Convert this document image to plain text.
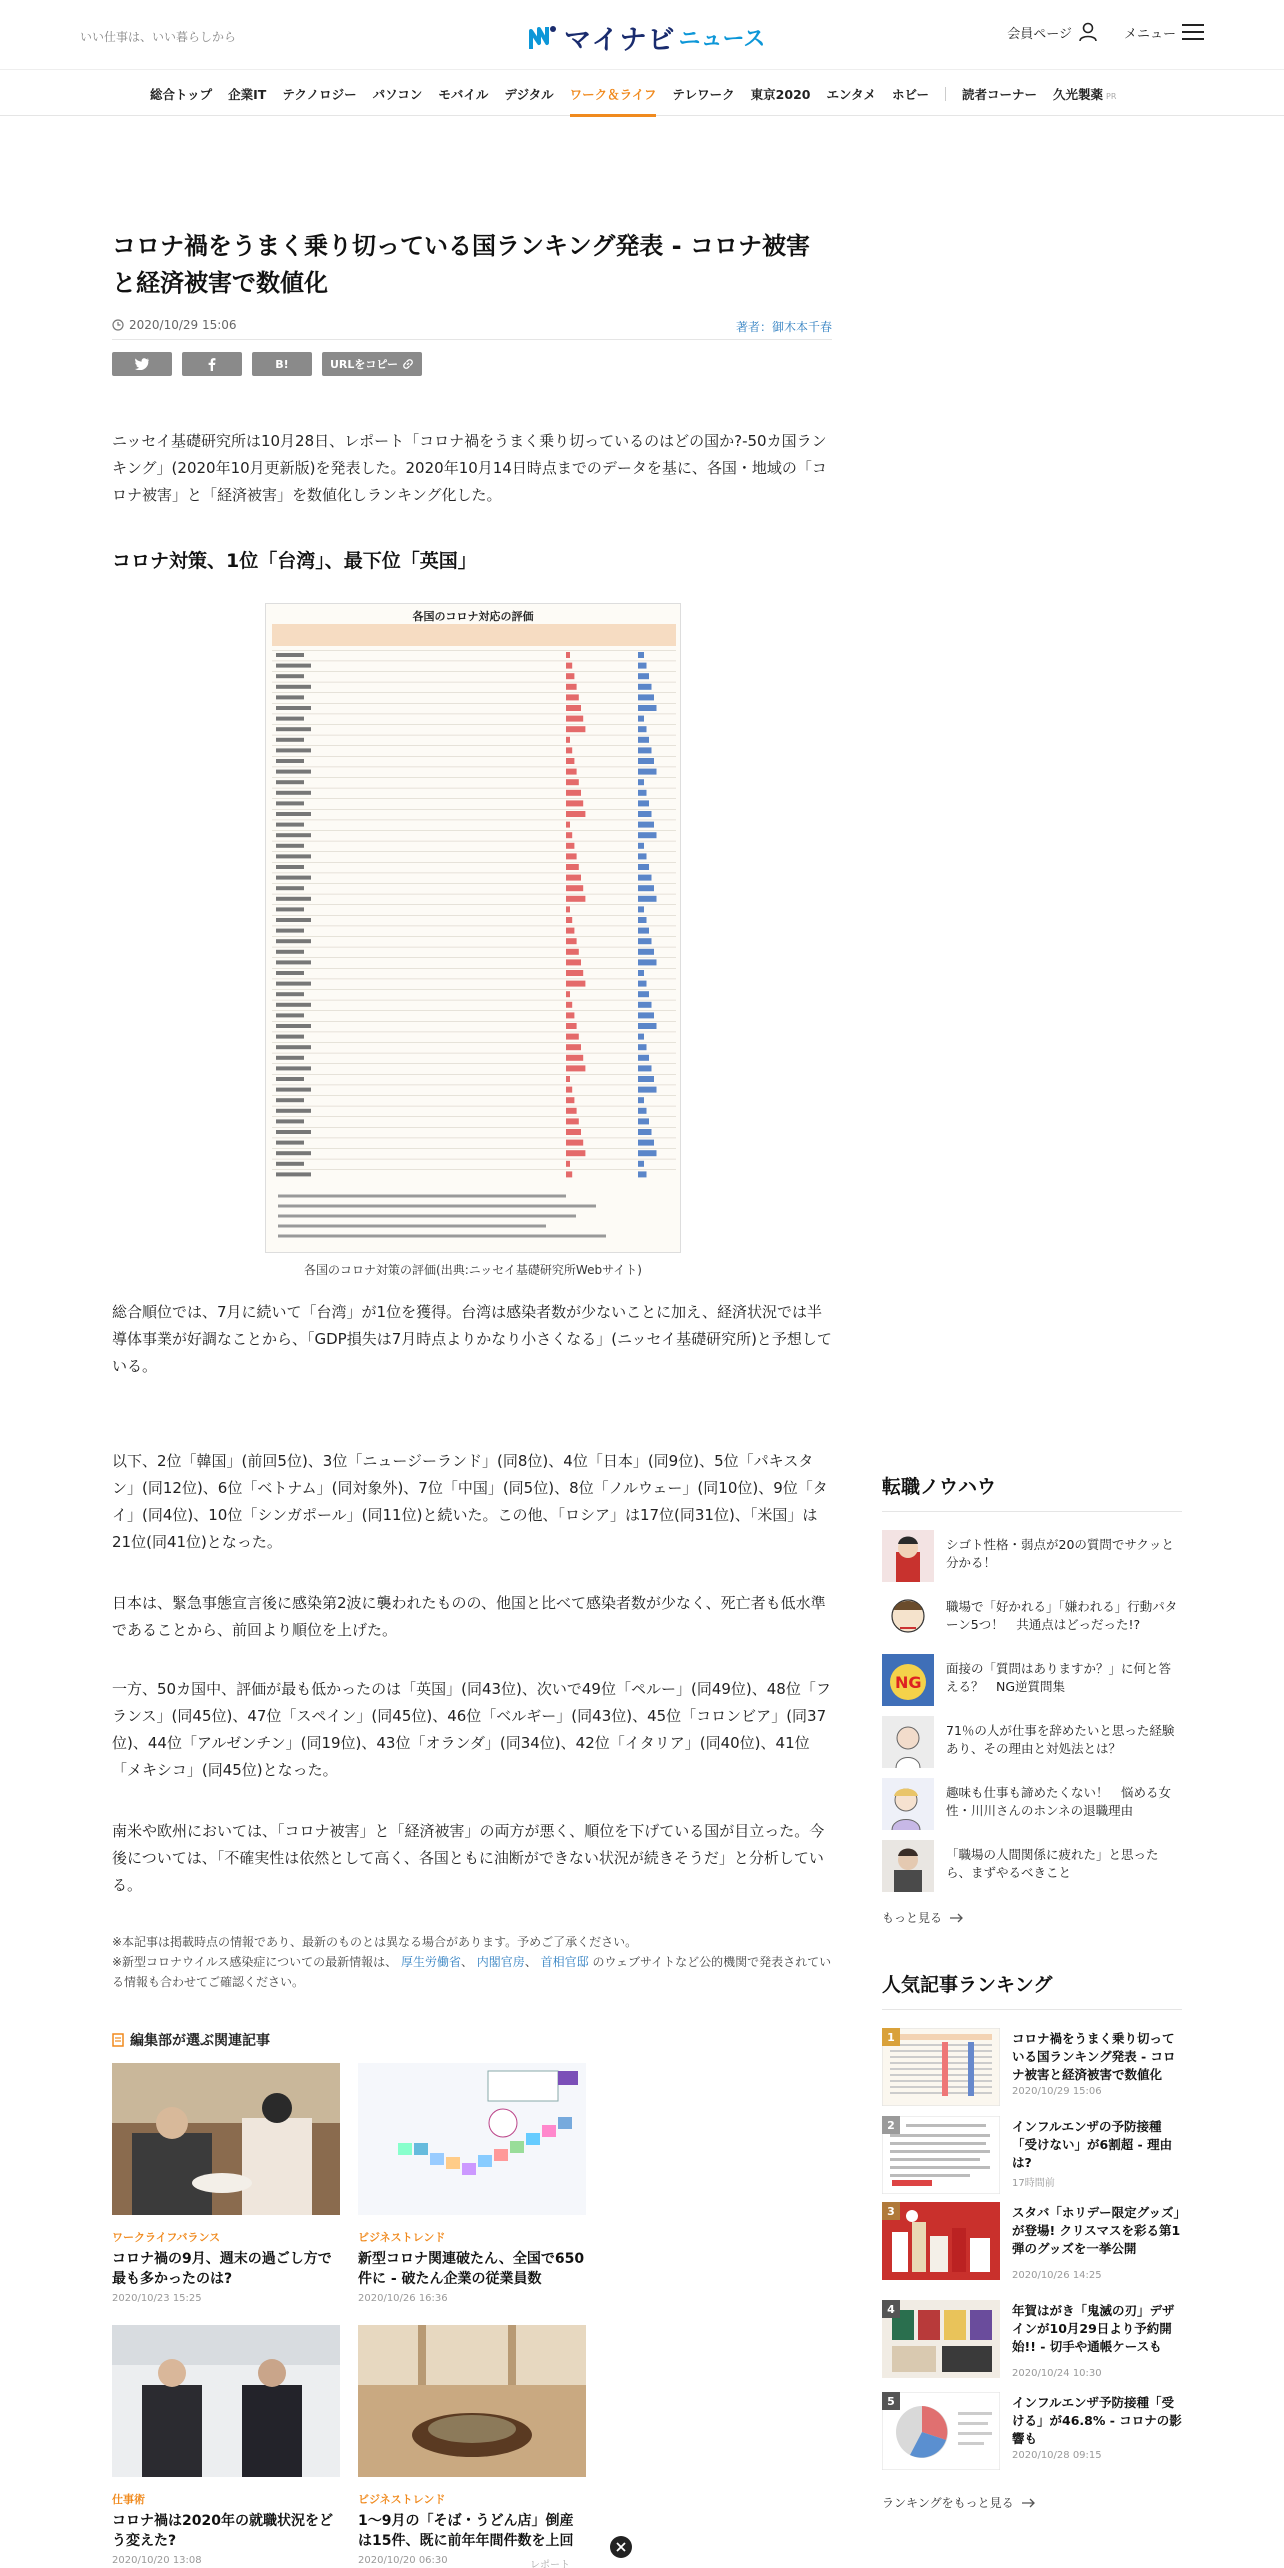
いい仕事は、いい暮らしから	マイナビ ニュース	会員ページ	メニュー
総合トップ 企業IT テクノロジー パソコン モバイル デジタル ワーク＆ライフ テレワーク 東京2020 エンタメ ホビー	読者コーナー 久光製薬 PR
コロナ禍をうまく乗り切っている国ランキング発表 - コロナ被害と経済被害で数値化
2020/10/29 15:06	著者：御木本千春
B!	URLをコピー
ニッセイ基礎研究所は10月28日、レポート「コロナ禍をうまく乗り切っているのはどの国か?-50カ国ランキング」(2020年10月更新版)を発表した。2020年10月14日時点までのデータを基に、各国・地域の「コロナ被害」と「経済被害」を数値化しランキング化した。
コロナ対策、1位「台湾」、最下位「英国」
各国のコロナ対応の評価
各国のコロナ対策の評価(出典:ニッセイ基礎研究所Webサイト)
総合順位では、7月に続いて「台湾」が1位を獲得。台湾は感染者数が少ないことに加え、経済状況では半導体事業が好調なことから、「GDP損失は7月時点よりかなり小さくなる」(ニッセイ基礎研究所)と予想している。
以下、2位「韓国」(前回5位)、3位「ニュージーランド」(同8位)、4位「日本」(同9位)、5位「パキスタン」(同12位)、6位「ベトナム」(同対象外)、7位「中国」(同5位)、8位「ノルウェー」(同10位)、9位「タイ」(同4位)、10位「シンガポール」(同11位)と続いた。この他、「ロシア」は17位(同31位)、「米国」は21位(同41位)となった。
日本は、緊急事態宣言後に感染第2波に襲われたものの、他国と比べて感染者数が少なく、死亡者も低水準であることから、前回より順位を上げた。
一方、50カ国中、評価が最も低かったのは「英国」(同43位)、次いで49位「ペルー」(同49位)、48位「フランス」(同45位)、47位「スペイン」(同45位)、46位「ベルギー」(同43位)、45位「コロンビア」(同37位)、44位「アルゼンチン」(同19位)、43位「オランダ」(同34位)、42位「イタリア」(同40位)、41位「メキシコ」(同45位)となった。
南米や欧州においては、「コロナ被害」と「経済被害」の両方が悪く、順位を下げている国が目立った。今後については、「不確実性は依然として高く、各国ともに油断ができない状況が続きそうだ」と分析している。
※本記事は掲載時点の情報であり、最新のものとは異なる場合があります。予めご了承ください。
※新型コロナウイルス感染症についての最新情報は、 厚生労働省、 内閣官房、 首相官邸 のウェブサイトなど公的機関で発表されている情報も合わせてご確認ください。
編集部が選ぶ関連記事
ワークライフバランス
コロナ禍の9月、週末の過ごし方で最も多かったのは?
2020/10/23 15:25
ビジネストレンド
新型コロナ関連破たん、全国で650件に - 破たん企業の従業員数
2020/10/26 16:36
仕事術
コロナ禍は2020年の就職状況をどう変えた?
2020/10/20 13:08
ビジネストレンド
1～9月の「そば・うどん店」倒産は15件、既に前年年間件数を上回
2020/10/20 06:30	レポート
転職ノウハウ
シゴト性格・弱点が20の質問でサクッと分かる！
職場で「好かれる」「嫌われる」行動パターン5つ！　共通点はどっだった!?
NG
面接の「質問はありますか？」に何と答える？　NG逆質問集
71％の人が仕事を辞めたいと思った経験あり、その理由と対処法とは？
趣味も仕事も諦めたくない！　悩める女性・川川さんのホンネの退職理由
「職場の人間関係に疲れた」と思ったら、まずやるべきこと
もっと見る
人気記事ランキング
1	コロナ禍をうまく乗り切っている国ランキング発表 - コロナ被害と経済被害で数値化
2020/10/29 15:06
2	インフルエンザの予防接種「受けない」が6割超 - 理由は?
17時間前
3	スタバ「ホリデー限定グッズ」が登場! クリスマスを彩る第1弾のグッズを一挙公開
2020/10/26 14:25
4	年賀はがき「鬼滅の刃」デザインが10月29日より予約開始!! - 切手や通帳ケースも
2020/10/24 10:30
5	インフルエンザ予防接種「受ける」が46.8% - コロナの影響も
2020/10/28 09:15
ランキングをもっと見る
